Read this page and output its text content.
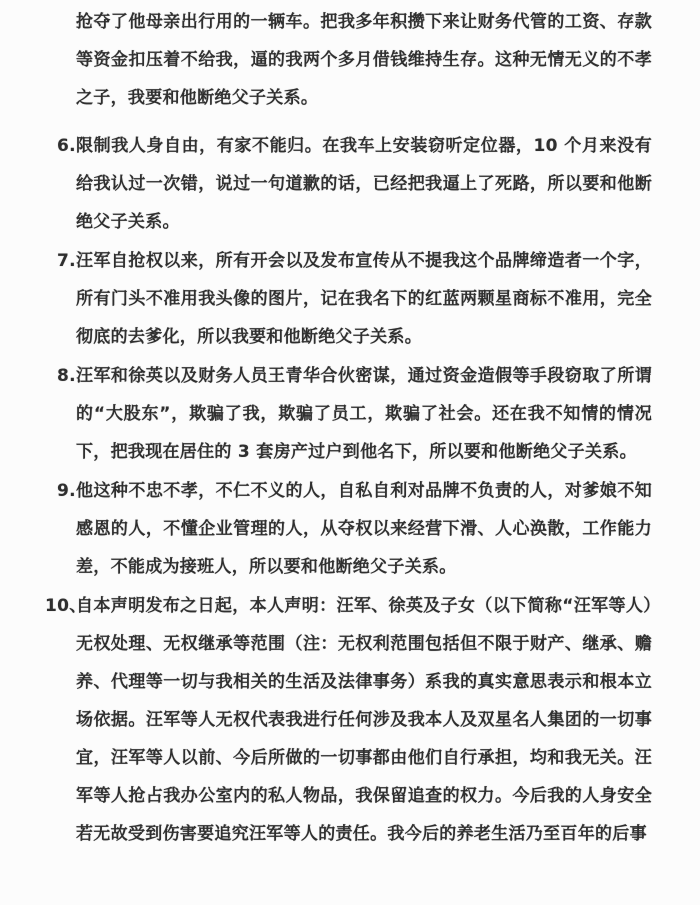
抢夺了他母亲出行用的一辆车。把我多年积攒下来让财务代管的工资、存款等资金扣压着不给我，逼的我两个多月借钱维持生存。这种无情无义的不孝之子，我要和他断绝父子关系。

6. 限制我人身自由，有家不能归。在我车上安装窃听定位器，10 个月来没有给我认过一次错，说过一句道歉的话，已经把我逼上了死路，所以要和他断绝父子关系。

7. 汪军自抢权以来，所有开会以及发布宣传从不提我这个品牌缔造者一个字，所有门头不准用我头像的图片，记在我名下的红蓝两颗星商标不准用，完全彻底的去爹化，所以我要和他断绝父子关系。

8. 汪军和徐英以及财务人员王青华合伙密谋，通过资金造假等手段窃取了所谓的“大股东”，欺骗了我，欺骗了员工，欺骗了社会。还在我不知情的情况下，把我现在居住的 3 套房产过户到他名下，所以要和他断绝父子关系。

9. 他这种不忠不孝，不仁不义的人，自私自利对品牌不负责的人，对爹娘不知感恩的人，不懂企业管理的人，从夺权以来经营下滑、人心涣散，工作能力差，不能成为接班人，所以要和他断绝父子关系。

10、
自本声明发布之日起，本人声明：汪军、徐英及子女（以下简称“汪军等人）无权处理、无权继承等范围（注：无权利范围包括但不限于财产、继承、赡养、代理等一切与我相关的生活及法律事务）系我的真实意思表示和根本立场依据。汪军等人无权代表我进行任何涉及我本人及双星名人集团的一切事宜，汪军等人以前、今后所做的一切事都由他们自行承担，均和我无关。汪军等人抢占我办公室内的私人物品，我保留追查的权力。今后我的人身安全若无故受到伤害要追究汪军等人的责任。我今后的养老生活乃至百年的后事
